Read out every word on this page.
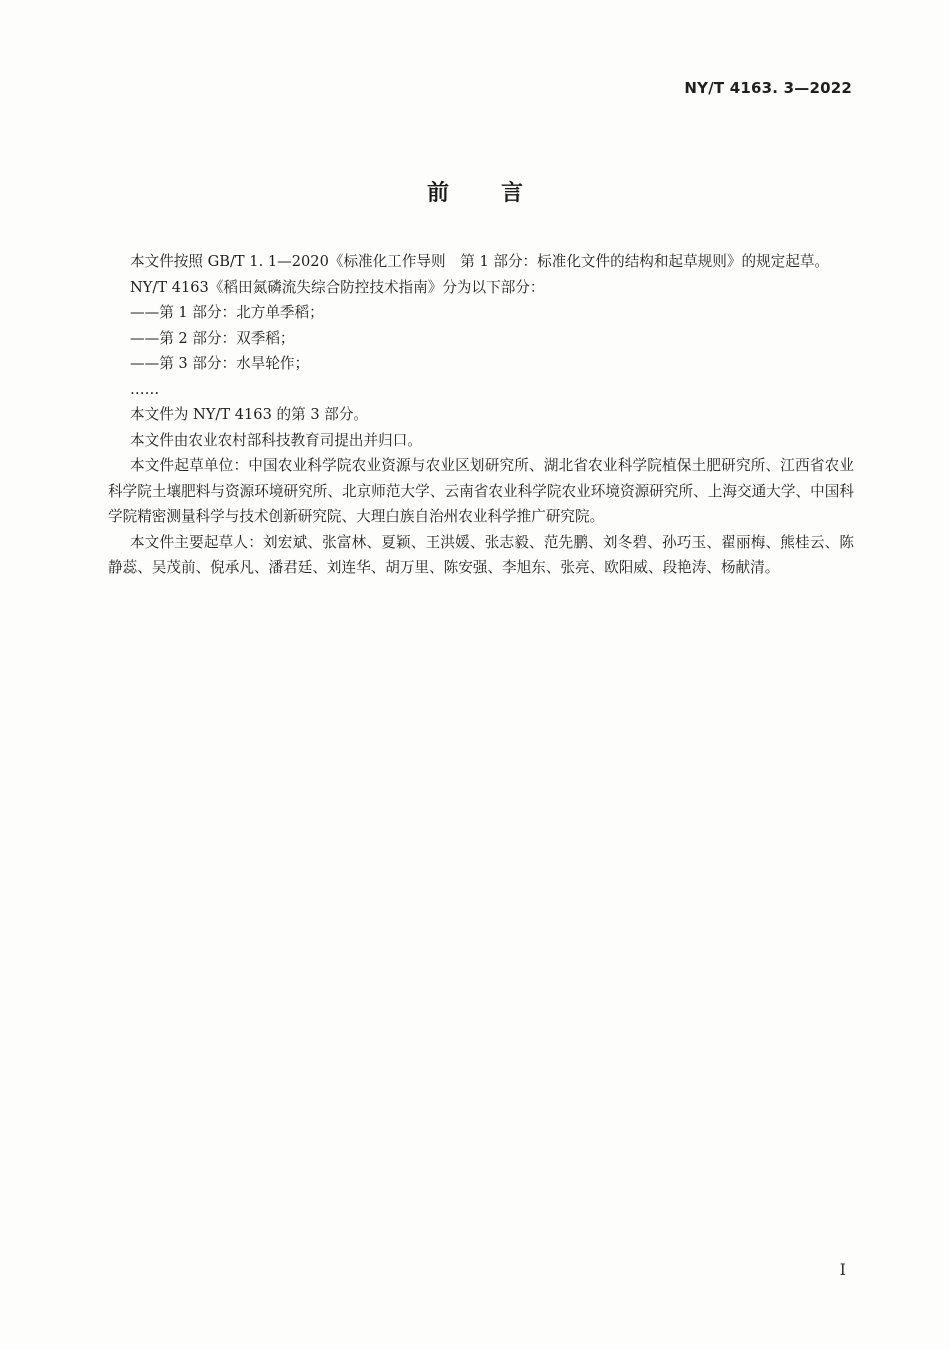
NY/T 4163. 3—2022
前言

本文件按照 GB/T 1. 1—2020《标准化工作导则　第 1 部分：标准化文件的结构和起草规则》的规定起草。

NY/T 4163《稻田氮磷流失综合防控技术指南》分为以下部分：

——第 1 部分：北方单季稻；

——第 2 部分：双季稻；

——第 3 部分：水旱轮作；

……

本文件为 NY/T 4163 的第 3 部分。

本文件由农业农村部科技教育司提出并归口。

本文件起草单位：中国农业科学院农业资源与农业区划研究所、湖北省农业科学院植保土肥研究所、江西省农业科学院土壤肥料与资源环境研究所、北京师范大学、云南省农业科学院农业环境资源研究所、上海交通大学、中国科学院精密测量科学与技术创新研究院、大理白族自治州农业科学推广研究院。

本文件主要起草人：刘宏斌、张富林、夏颖、王洪媛、张志毅、范先鹏、刘冬碧、孙巧玉、翟丽梅、熊桂云、陈静蕊、吴茂前、倪承凡、潘君廷、刘连华、胡万里、陈安强、李旭东、张亮、欧阳威、段艳涛、杨献清。

I
